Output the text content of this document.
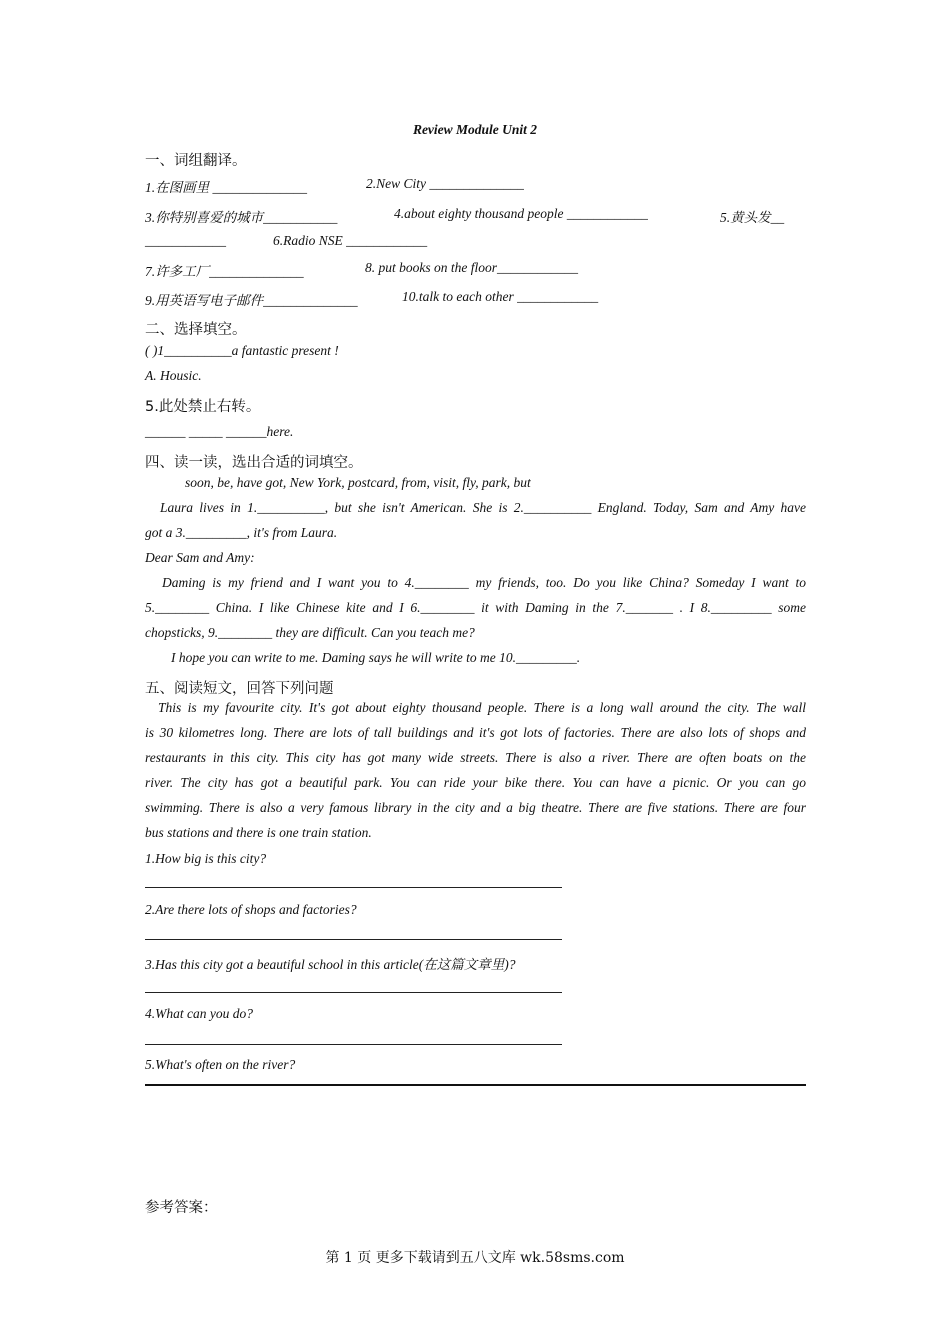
Review Module Unit 2
一、词组翻译。
1.在图画里 ______________	2.New City ______________
3.你特别喜爱的城市___________	4.about eighty thousand people ____________	5.黄头发__
____________	6.Radio NSE ____________
7.许多工厂______________	8. put books on the floor____________
9.用英语写电子邮件______________	10.talk to each other ____________
二、选择填空。
( )1__________a fantastic present !
A. Housic.
5.此处禁止右转。
______ _____ ______here.
四、读一读，选出合适的词填空。
soon, be, have got, New York, postcard, from, visit, fly, park, but
Laura lives in 1.__________, but she isn't American. She is 2.__________ England. Today, Sam and Amy have
got a 3._________, it's from Laura.
Dear Sam and Amy:
Daming is my friend and I want you to 4.________ my friends, too. Do you like China? Someday I want to
5.________ China. I like Chinese kite and I 6.________ it with Daming in the 7._______ . I 8._________ some
chopsticks, 9.________ they are difficult. Can you teach me?
I hope you can write to me. Daming says he will write to me 10._________.
五、阅读短文，回答下列问题
This is my favourite city. It's got about eighty thousand people. There is a long wall around the city. The wall
is 30 kilometres long. There are lots of tall buildings and it's got lots of factories. There are also lots of shops and
restaurants in this city. This city has got many wide streets. There is also a river. There are often boats on the
river. The city has got a beautiful park. You can ride your bike there. You can have a picnic. Or you can go
swimming. There is also a very famous library in the city and a big theatre. There are five stations. There are four
bus stations and there is one train station.
1.How big is this city?
2.Are there lots of shops and factories?
3.Has this city got a beautiful school in this article(在这篇文章里)?
4.What can you do?
5.What's often on the river?
参考答案：
第 1 页 更多下载请到五八文库 wk.58sms.com
